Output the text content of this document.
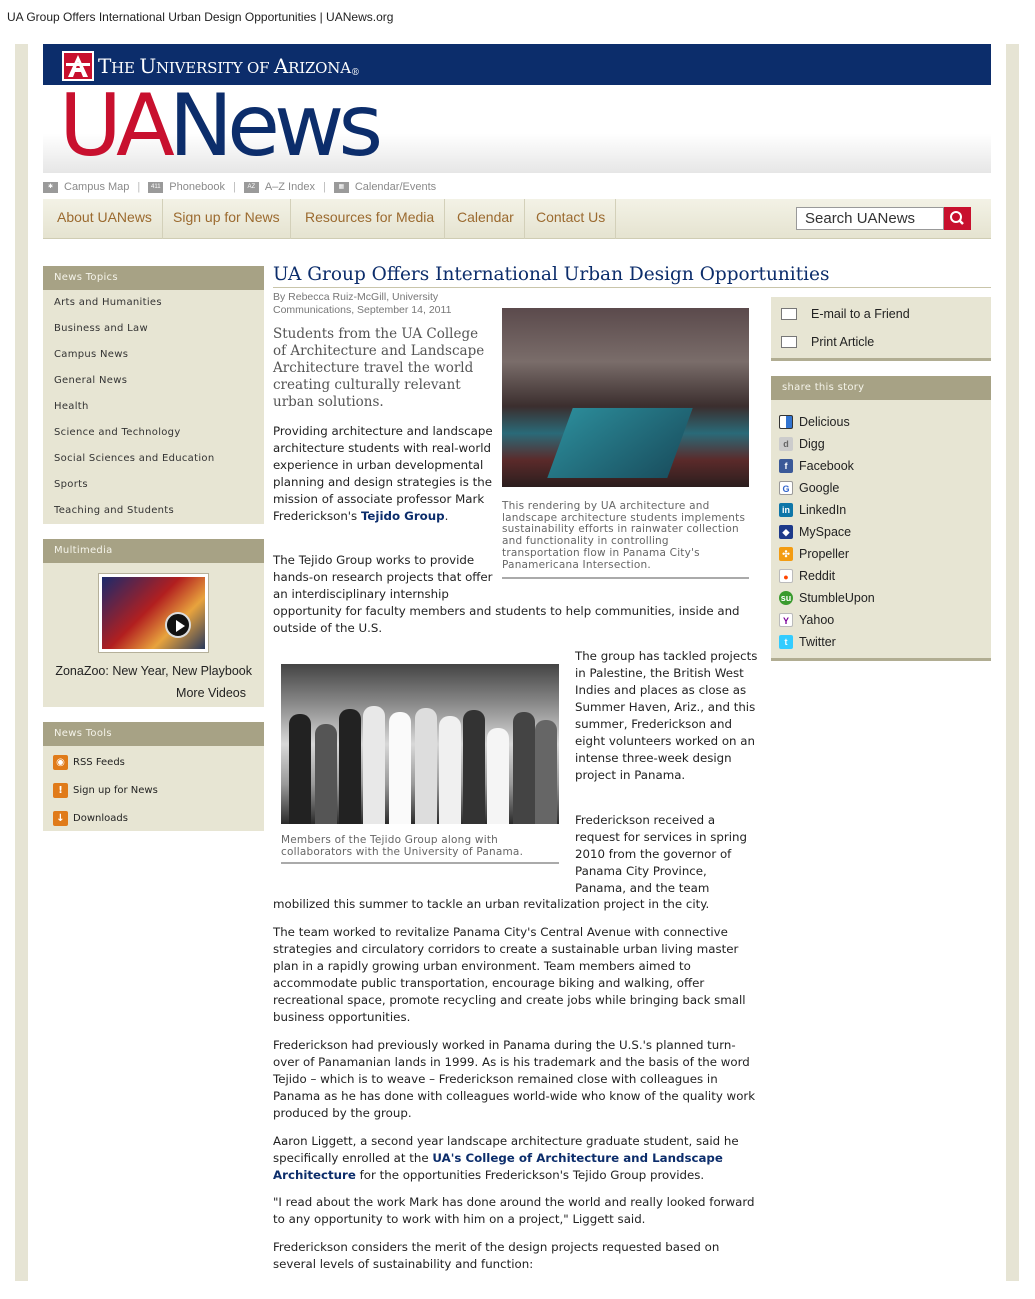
UA Group Offers International Urban Design Opportunities | UANews.org
THE UNIVERSITY OF ARIZONA®
UANews
✱ Campus Map |	411 Phonebook |	AZ A–Z Index |	▦ Calendar/Events
About UANews	Sign up for News	Resources for Media	Calendar	Contact Us	Search UANews
News Topics
Arts and Humanities
Business and Law
Campus News
General News
Health
Science and Technology
Social Sciences and Education
Sports
Teaching and Students
Multimedia
ZonaZoo: New Year, New Playbook
More Videos
News Tools
◉ RSS Feeds
!	Sign up for News
↓ Downloads
UA Group Offers International Urban Design Opportunities
By Rebecca Ruiz-McGill, University
Communications, September 14, 2011
Students from the UA College of Architecture and Landscape Architecture travel the world creating culturally relevant urban solutions.
Providing architecture and landscape architecture students with real-world experience in urban developmental planning and design strategies is the mission of associate professor Mark Frederickson's Tejido Group.
The Tejido Group works to provide hands-on research projects that offer an interdisciplinary internship
opportunity for faculty members and students to help communities, inside and outside of the U.S.
This rendering by UA architecture and landscape architecture students implements sustainability efforts in rainwater collection and functionality in controlling transportation flow in Panama City's Panamericana Intersection.
Members of the Tejido Group along with collaborators with the University of Panama.
The group has tackled projects in Palestine, the British West Indies and places as close as Summer Haven, Ariz., and this summer, Frederickson and eight volunteers worked on an intense three-week design project in Panama.
Frederickson received a request for services in spring 2010 from the governor of Panama City Province, Panama, and the team
mobilized this summer to tackle an urban revitalization project in the city.
The team worked to revitalize Panama City's Central Avenue with connective strategies and circulatory corridors to create a sustainable urban living master plan in a rapidly growing urban environment. Team members aimed to accommodate public transportation, encourage biking and walking, offer recreational space, promote recycling and create jobs while bringing back small business opportunities.
Frederickson had previously worked in Panama during the U.S.'s planned turn-over of Panamanian lands in 1999. As is his trademark and the basis of the word Tejido – which is to weave – Frederickson remained close with colleagues in Panama as he has done with colleagues world-wide who know of the quality work produced by the group.
Aaron Liggett, a second year landscape architecture graduate student, said he specifically enrolled at the UA's College of Architecture and Landscape Architecture for the opportunities Frederickson's Tejido Group provides.
"I read about the work Mark has done around the world and really looked forward to any opportunity to work with him on a project," Liggett said.
Frederickson considers the merit of the design projects requested based on several levels of sustainability and function:
E-mail to a Friend
Print Article
share this story
Delicious
d Digg
f Facebook
G Google
in LinkedIn
◆ MySpace
✣ Propeller
● Reddit
su StumbleUpon
Y Yahoo
t Twitter
